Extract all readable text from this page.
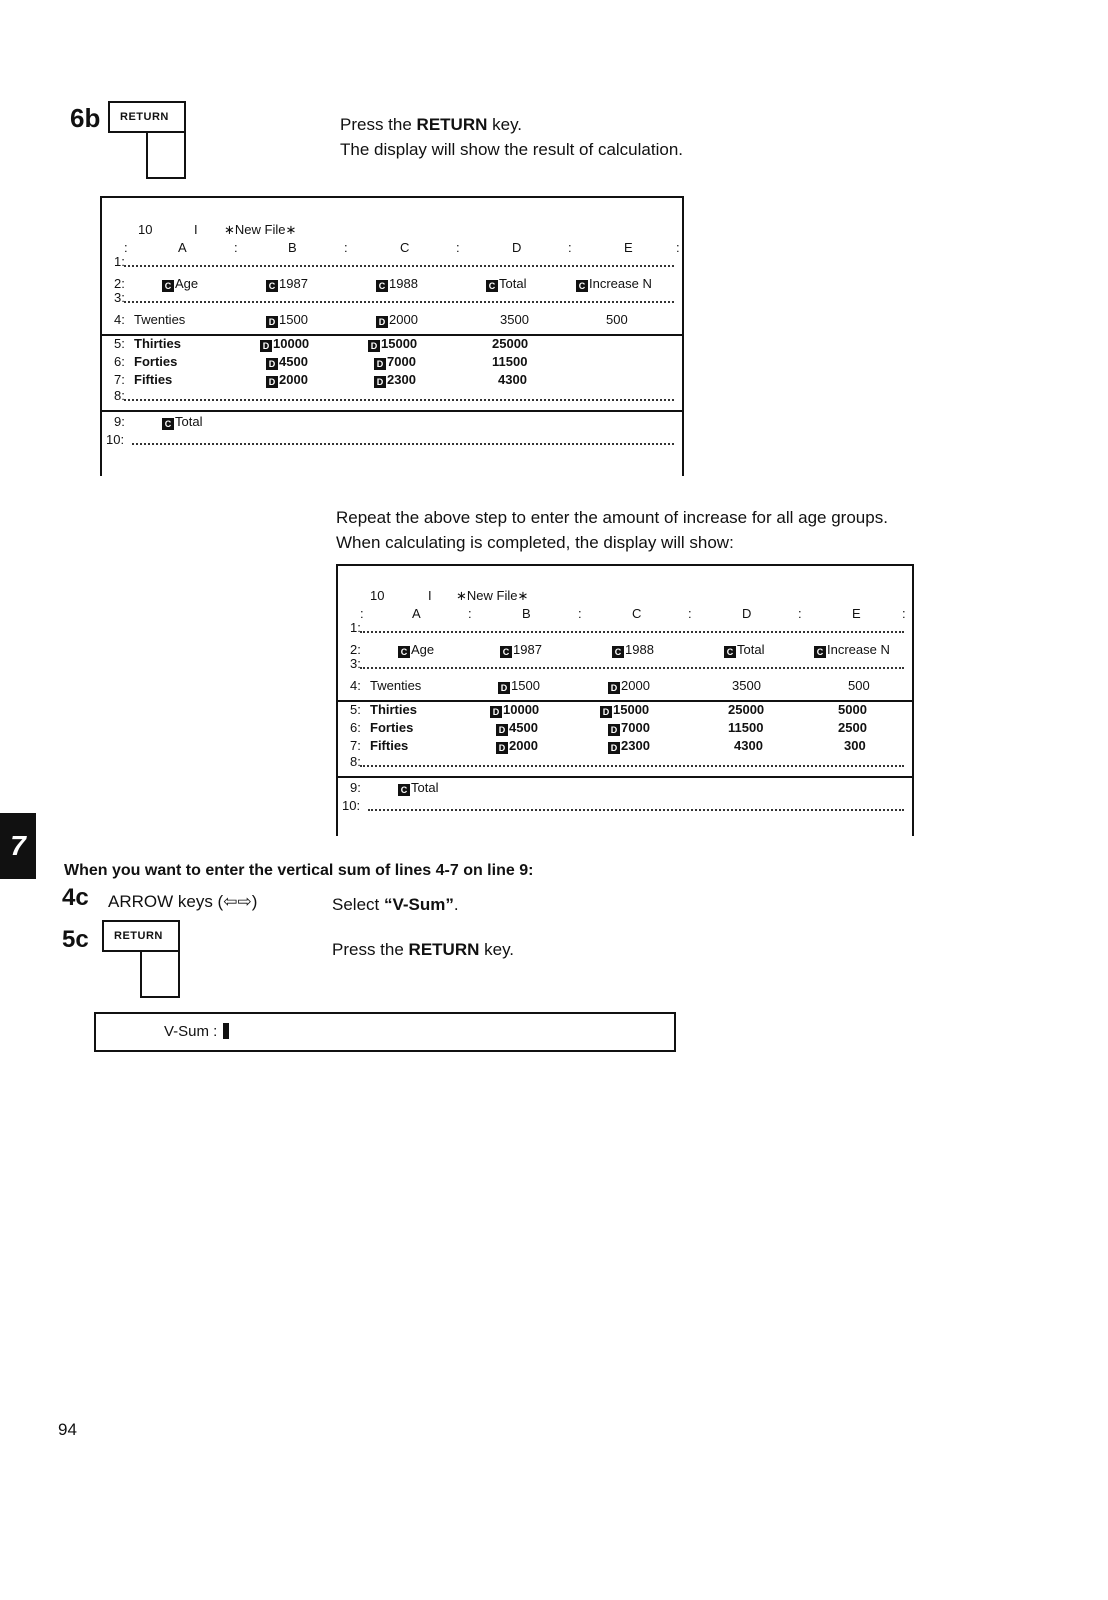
6b	RETURN	Press the RETURN key.
The display will show the result of calculation.
10	I ∗New File∗
:	A	:	B	:	C	:	D	:	E	:
1:
2:	C Age	C 1987	C 1988	C Total	C Increase N
3:
4: Twenties	D 1500	D 2000	3500	500
5: Thirties	D 10000	D 15000	25000
6: Forties	D 4500	D 7000	11500
7: Fifties	D 2000	D 2300	4300
8:
9:	C Total
10:
Repeat the above step to enter the amount of increase for all age groups.
When calculating is completed, the display will show:
10	I ∗New File∗
:	A	:	B	:	C	:	D	:	E	:
1:
2:	C Age	C 1987	C 1988	C Total	C Increase N
3:
4: Twenties	D 1500	D 2000	3500	500
5: Thirties	D 10000	D 15000	25000	5000
6: Forties	D 4500	D 7000	11500	2500
7: Fifties	D 2000	D 2300	4300	300
8:
9:	C Total
10:
7
When you want to enter the vertical sum of lines 4-7 on line 9:
4c ARROW keys (⇦⇨)	Select “V-Sum”.
5c	RETURN
Press the RETURN key.
V-Sum :
94
